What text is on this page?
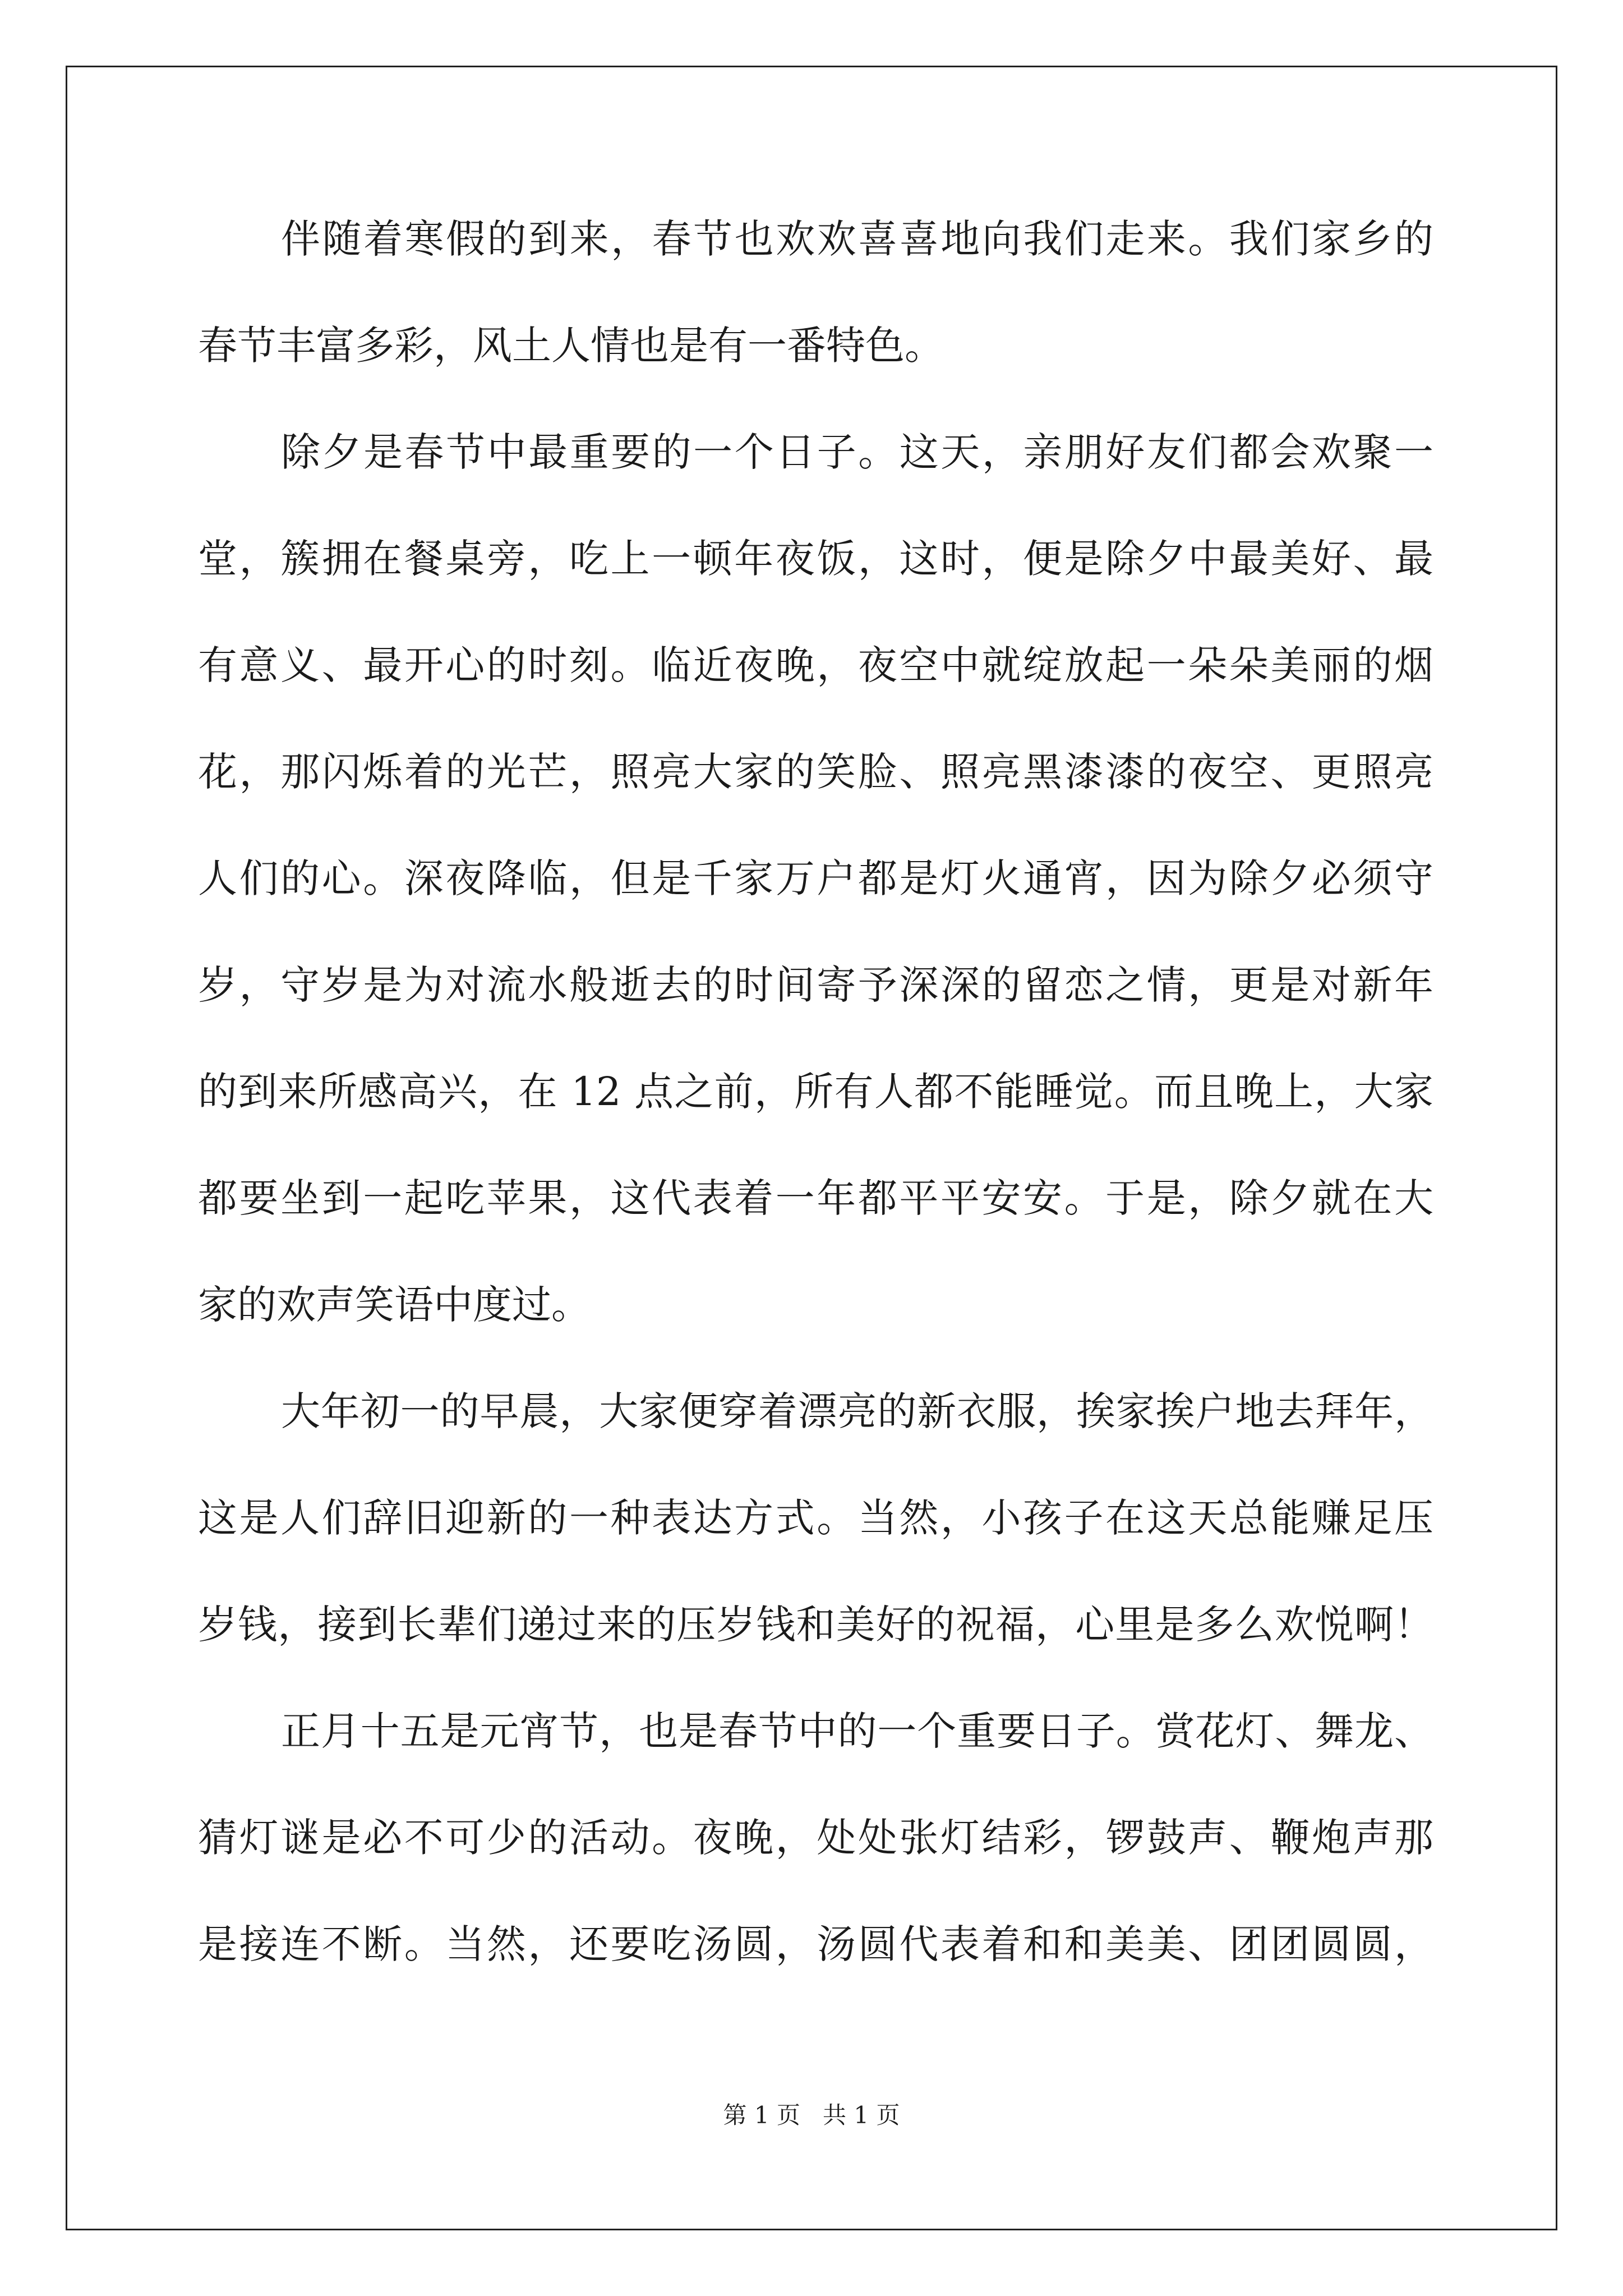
伴随着寒假的到来，春节也欢欢喜喜地向我们走来。我们家乡的
春节丰富多彩，风土人情也是有一番特色。
除夕是春节中最重要的一个日子。这天，亲朋好友们都会欢聚一
堂，簇拥在餐桌旁，吃上一顿年夜饭，这时，便是除夕中最美好、最
有意义、最开心的时刻。临近夜晚，夜空中就绽放起一朵朵美丽的烟
花，那闪烁着的光芒，照亮大家的笑脸、照亮黑漆漆的夜空、更照亮
人们的心。深夜降临，但是千家万户都是灯火通宵，因为除夕必须守
岁，守岁是为对流水般逝去的时间寄予深深的留恋之情，更是对新年
的到来所感高兴，在 12 点之前，所有人都不能睡觉。而且晚上，大家
都要坐到一起吃苹果，这代表着一年都平平安安。于是，除夕就在大
家的欢声笑语中度过。
大年初一的早晨，大家便穿着漂亮的新衣服，挨家挨户地去拜年，
这是人们辞旧迎新的一种表达方式。当然，小孩子在这天总能赚足压
岁钱，接到长辈们递过来的压岁钱和美好的祝福，心里是多么欢悦啊！
正月十五是元宵节，也是春节中的一个重要日子。赏花灯、舞龙、
猜灯谜是必不可少的活动。夜晚，处处张灯结彩，锣鼓声、鞭炮声那
是接连不断。当然，还要吃汤圆，汤圆代表着和和美美、团团圆圆，
第 1 页   共 1 页
